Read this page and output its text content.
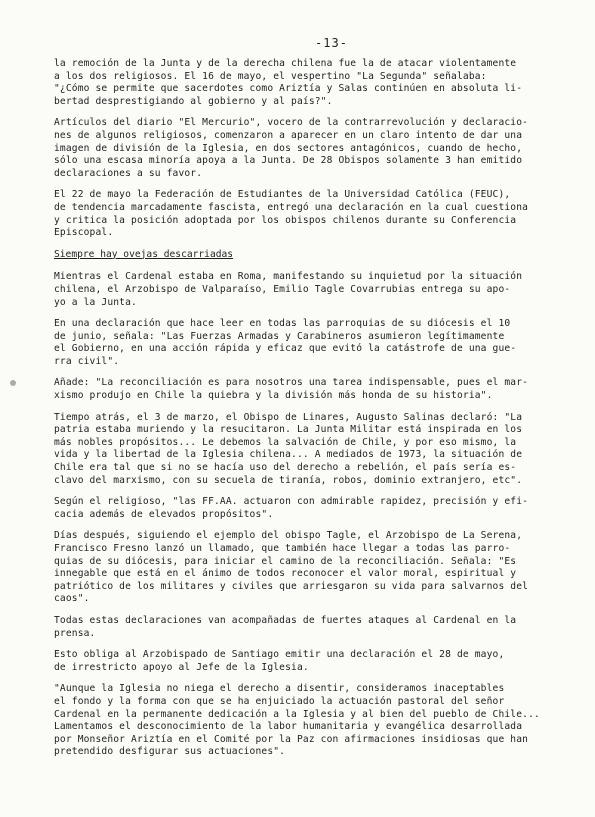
-13-

la remoción de la Junta y de la derecha chilena fue la de atacar violentamente
a los dos religiosos. El 16 de mayo, el vespertino "La Segunda" señalaba:
"¿Cómo se permite que sacerdotes como Ariztía y Salas continúen en absoluta li-
bertad desprestigiando al gobierno y al país?".

Artículos del diario "El Mercurio", vocero de la contrarrevolución y declaracio-
nes de algunos religiosos, comenzaron a aparecer en un claro intento de dar una
imagen de división de la Iglesia, en dos sectores antagónicos, cuando de hecho,
sólo una escasa minoría apoya a la Junta. De 28 Obispos solamente 3 han emitido
declaraciones a su favor.

El 22 de mayo la Federación de Estudiantes de la Universidad Católica (FEUC),
de tendencia marcadamente fascista, entregó una declaración en la cual cuestiona
y critica la posición adoptada por los obispos chilenos durante su Conferencia
Episcopal.

Siempre hay ovejas descarriadas

Mientras el Cardenal estaba en Roma, manifestando su inquietud por la situación
chilena, el Arzobispo de Valparaíso, Emilio Tagle Covarrubias entrega su apo-
yo a la Junta.

En una declaración que hace leer en todas las parroquias de su diócesis el 10
de junio, señala: "Las Fuerzas Armadas y Carabineros asumieron legítimamente
el Gobierno, en una acción rápida y eficaz que evitó la catástrofe de una gue-
rra civil".

Añade: "La reconciliación es para nosotros una tarea indispensable, pues el mar-
xismo produjo en Chile la quiebra y la división más honda de su historia".

Tiempo atrás, el 3 de marzo, el Obispo de Linares, Augusto Salinas declaró: "La
patria estaba muriendo y la resucitaron. La Junta Militar está inspirada en los
más nobles propósitos... Le debemos la salvación de Chile, y por eso mismo, la
vida y la libertad de la Iglesia chilena... A mediados de 1973, la situación de
Chile era tal que si no se hacía uso del derecho a rebelión, el país sería es-
clavo del marxismo, con su secuela de tiranía, robos, dominio extranjero, etc".

Según el religioso, "las FF.AA. actuaron con admirable rapidez, precisión y efi-
cacia además de elevados propósitos".

Días después, siguiendo el ejemplo del obispo Tagle, el Arzobispo de La Serena,
Francisco Fresno lanzó un llamado, que también hace llegar a todas las parro-
quias de su diócesis, para iniciar el camino de la reconciliación. Señala: "Es
innegable que está en el ánimo de todos reconocer el valor moral, espiritual y
patriótico de los militares y civiles que arriesgaron su vida para salvarnos del
caos".

Todas estas declaraciones van acompañadas de fuertes ataques al Cardenal en la
prensa.

Esto obliga al Arzobispado de Santiago emitir una declaración el 28 de mayo,
de irrestricto apoyo al Jefe de la Iglesia.

"Aunque la Iglesia no niega el derecho a disentir, consideramos inaceptables
el fondo y la forma con que se ha enjuiciado la actuación pastoral del señor
Cardenal en la permanente dedicación a la Iglesia y al bien del pueblo de Chile...
Lamentamos el desconocimiento de la labor humanitaria y evangélica desarrollada
por Monseñor Ariztía en el Comité por la Paz con afirmaciones insidiosas que han
pretendido desfigurar sus actuaciones".
